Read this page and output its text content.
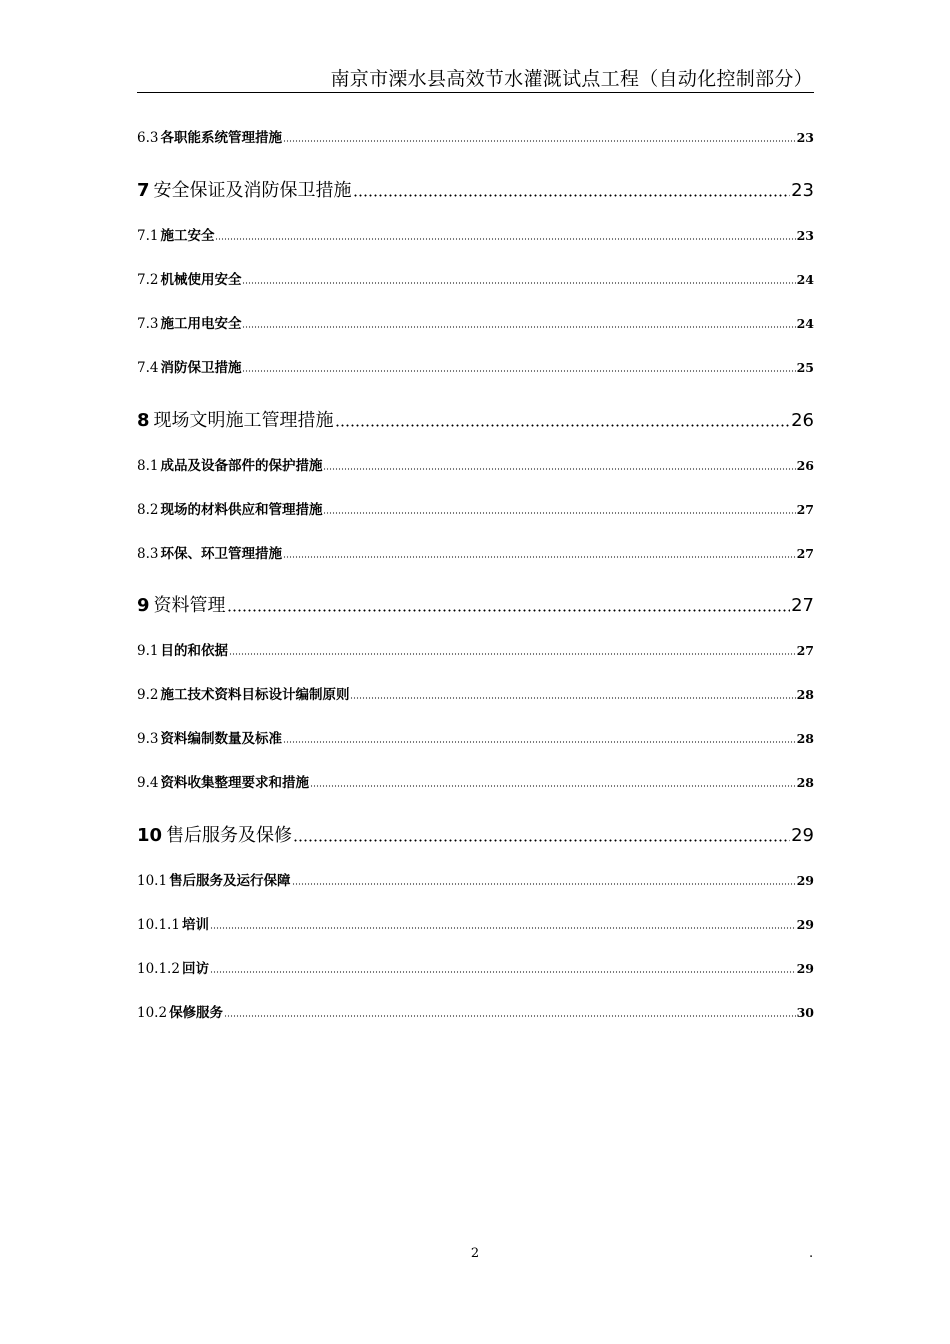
南京市溧水县高效节水灌溉试点工程（自动化控制部分）
6.3 各职能系统管理措施	23
7 安全保证及消防保卫措施	23
7.1 施工安全	23
7.2 机械使用安全	24
7.3 施工用电安全	24
7.4 消防保卫措施	25
8 现场文明施工管理措施	26
8.1 成品及设备部件的保护措施	26
8.2 现场的材料供应和管理措施	27
8.3 环保、环卫管理措施	27
9 资料管理	27
9.1 目的和依据	27
9.2 施工技术资料目标设计编制原则	28
9.3 资料编制数量及标准	28
9.4 资料收集整理要求和措施	28
10 售后服务及保修	29
10.1 售后服务及运行保障	29
10.1.1 培训	29
10.1.2 回访	29
10.2 保修服务	30
2	.
